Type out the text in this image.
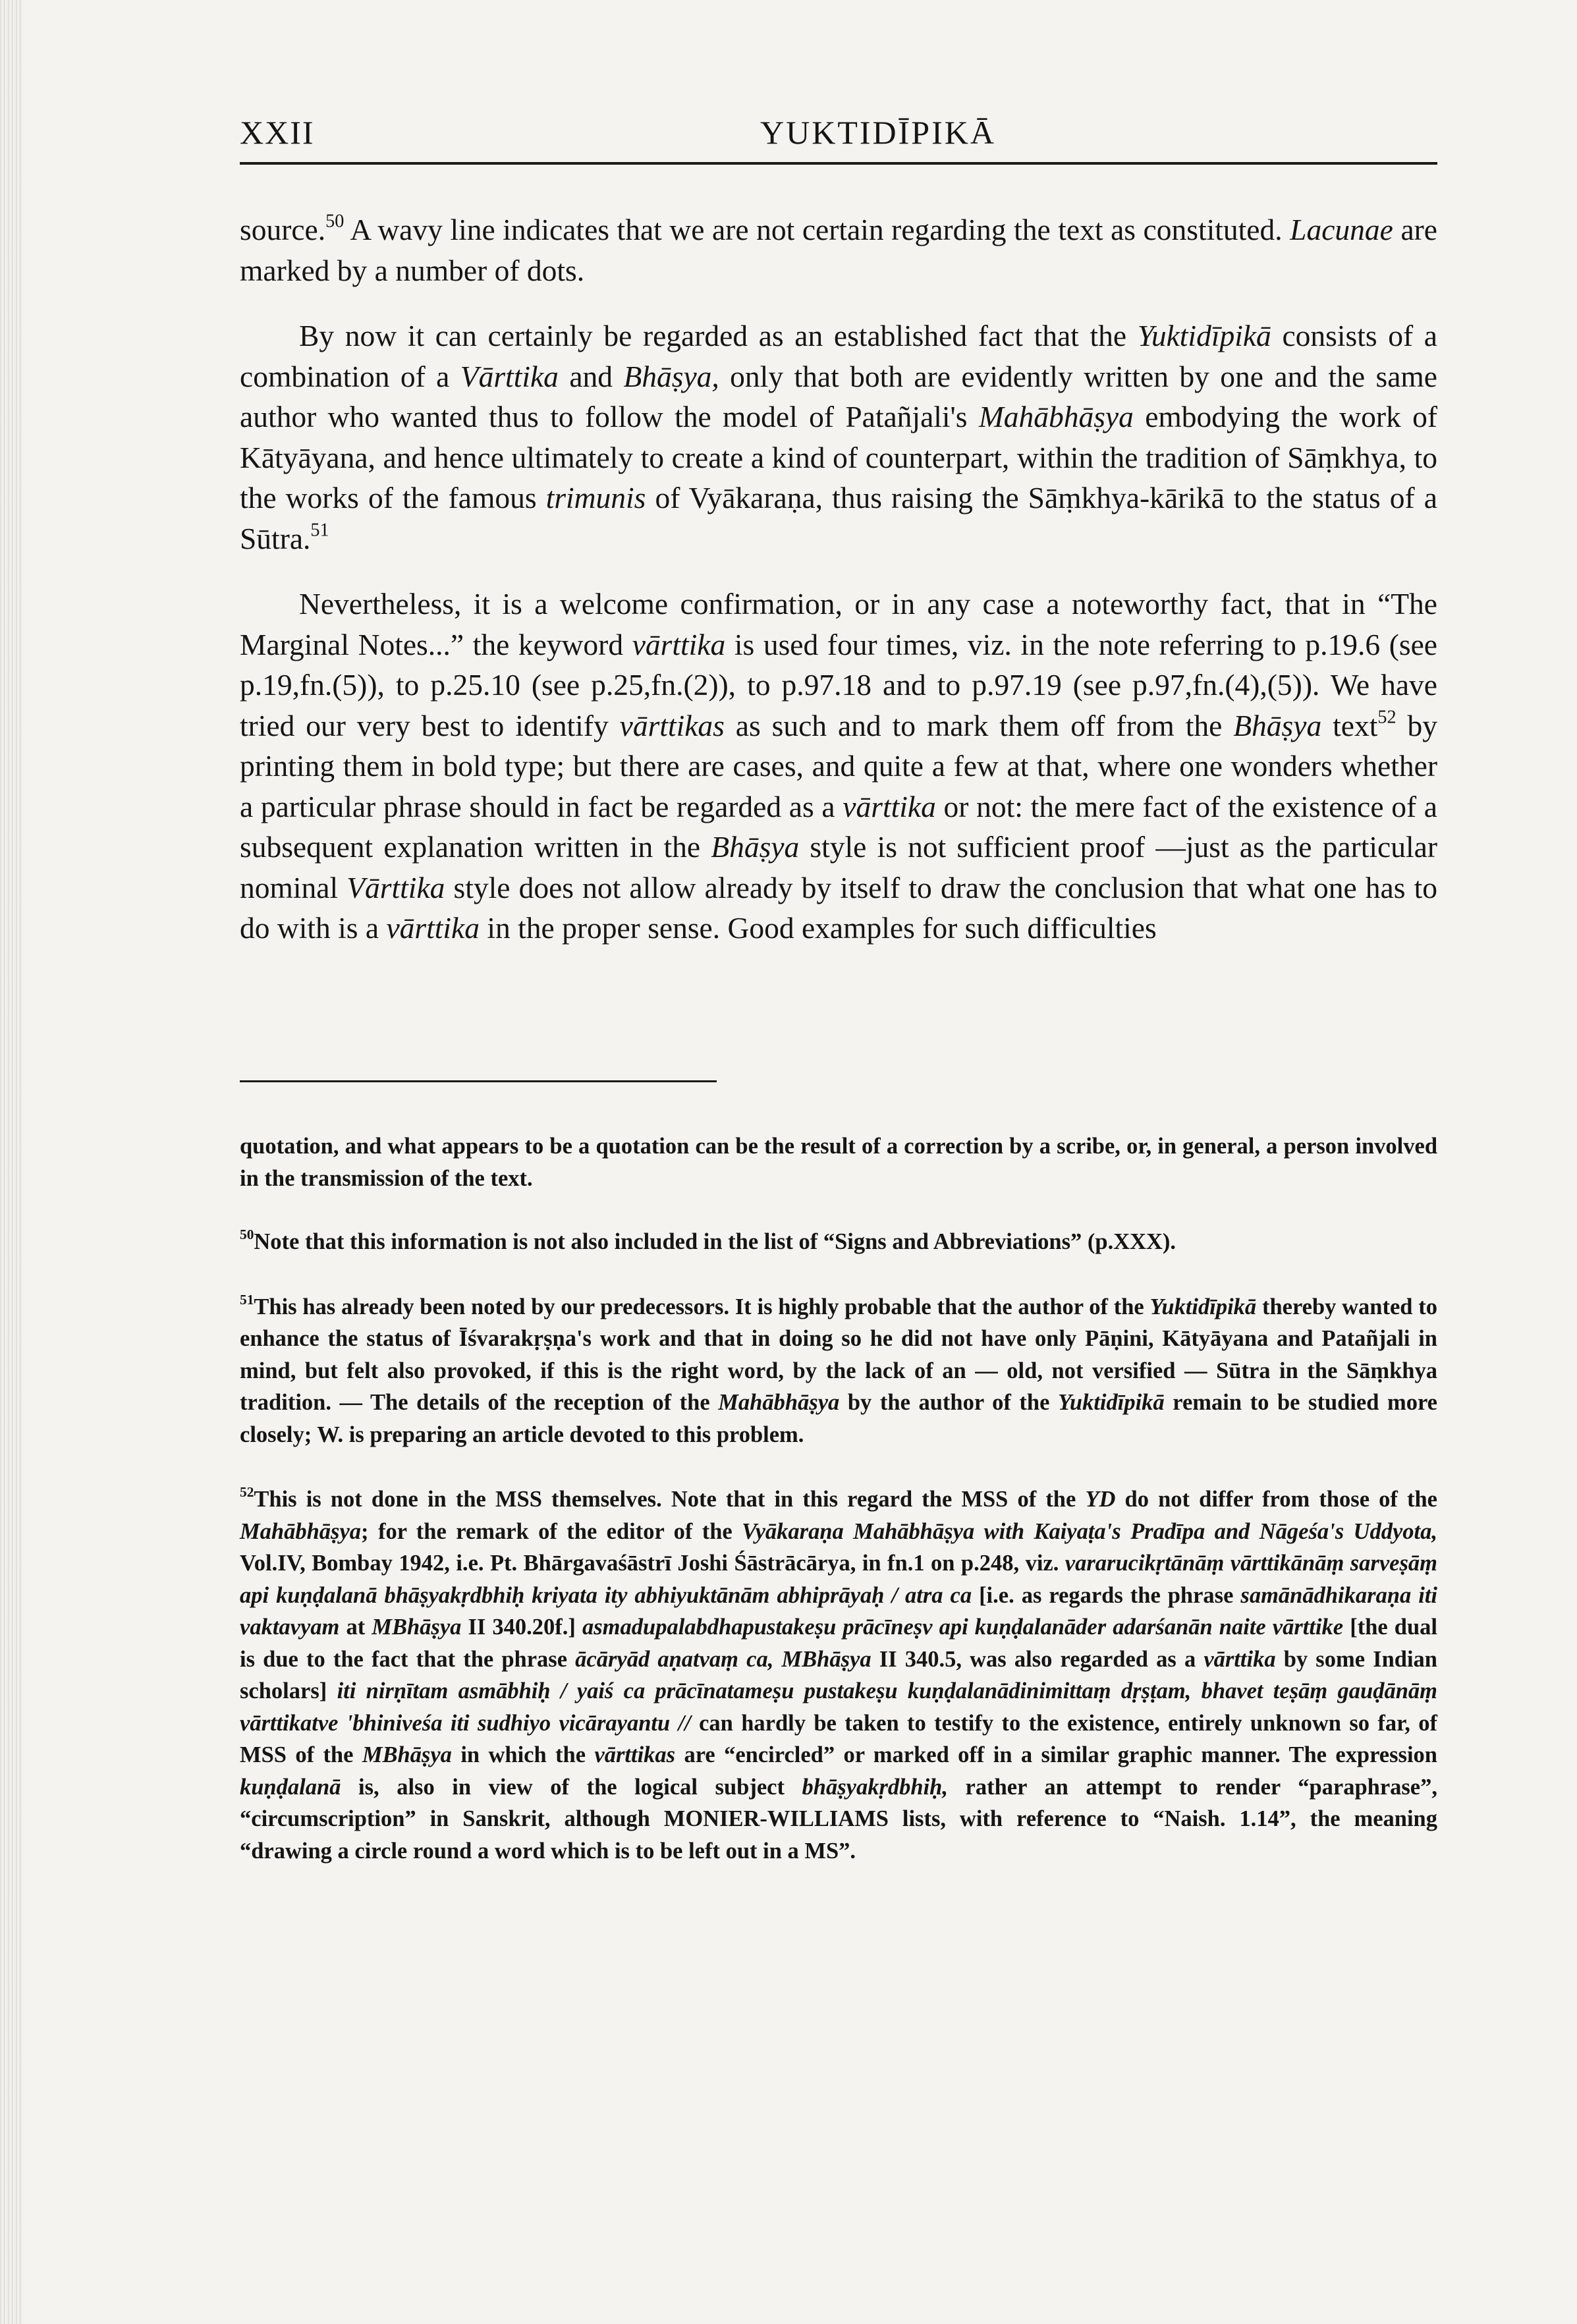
XXII	YUKTIDĪPIKĀ

source.$^{50}$ A wavy line indicates that we are not certain regarding the text as constituted. Lacunae are marked by a number of dots.

By now it can certainly be regarded as an established fact that the Yuktidīpikā consists of a combination of a Vārttika and Bhāṣya, only that both are evidently written by one and the same author who wanted thus to follow the model of Patañjali's Mahābhāṣya embodying the work of Kātyāyana, and hence ultimately to create a kind of counterpart, within the tradition of Sāṃkhya, to the works of the famous trimunis of Vyākaraṇa, thus raising the Sāṃkhya-kārikā to the status of a Sūtra.$^{51}$

Nevertheless, it is a welcome confirmation, or in any case a noteworthy fact, that in “The Marginal Notes...” the keyword vārttika is used four times, viz. in the note referring to p.19.6 (see p.19,fn.(5)), to p.25.10 (see p.25,fn.(2)), to p.97.18 and to p.97.19 (see p.97,fn.(4),(5)). We have tried our very best to identify vārttikas as such and to mark them off from the Bhāṣya text$^{52}$ by printing them in bold type; but there are cases, and quite a few at that, where one wonders whether a particular phrase should in fact be regarded as a vārttika or not: the mere fact of the existence of a subsequent explanation written in the Bhāṣya style is not sufficient proof —just as the particular nominal Vārttika style does not allow already by itself to draw the conclusion that what one has to do with is a vārttika in the proper sense. Good examples for such difficulties

quotation, and what appears to be a quotation can be the result of a correction by a scribe, or, in general, a person involved in the transmission of the text.

$^{50}$Note that this information is not also included in the list of “Signs and Abbreviations” (p.XXX).

$^{51}$This has already been noted by our predecessors. It is highly probable that the author of the Yuktidīpikā thereby wanted to enhance the status of Īśvarakṛṣṇa's work and that in doing so he did not have only Pāṇini, Kātyāyana and Patañjali in mind, but felt also provoked, if this is the right word, by the lack of an — old, not versified — Sūtra in the Sāṃkhya tradition. — The details of the reception of the Mahābhāṣya by the author of the Yuktidīpikā remain to be studied more closely; W. is preparing an article devoted to this problem.

$^{52}$This is not done in the MSS themselves. Note that in this regard the MSS of the YD do not differ from those of the Mahābhāṣya; for the remark of the editor of the Vyākaraṇa Mahābhāṣya with Kaiyaṭa's Pradīpa and Nāgeśa's Uddyota, Vol.IV, Bombay 1942, i.e. Pt. Bhārgavaśāstrī Joshi Śāstrācārya, in fn.1 on p.248, viz. vararucikṛtānāṃ vārttikānāṃ sarveṣāṃ api kuṇḍalanā bhāṣyakṛdbhiḥ kriyata ity abhiyuktānām abhiprāyaḥ / atra ca [i.e. as regards the phrase samānādhikaraṇa iti vaktavyam at MBhāṣya II 340.20f.] asmadupalabdhapustakeṣu prācīneṣv api kuṇḍalanāder adarśanān naite vārttike [the dual is due to the fact that the phrase ācāryād aṇatvaṃ ca, MBhāṣya II 340.5, was also regarded as a vārttika by some Indian scholars] iti nirṇītam asmābhiḥ / yaiś ca prācīnatameṣu pustakeṣu kuṇḍalanādinimittaṃ dṛṣṭam, bhavet teṣāṃ gauḍānāṃ vārttikatve 'bhiniveśa iti sudhiyo vicārayantu // can hardly be taken to testify to the existence, entirely unknown so far, of MSS of the MBhāṣya in which the vārttikas are “encircled” or marked off in a similar graphic manner. The expression kuṇḍalanā is, also in view of the logical subject bhāṣyakṛdbhiḥ, rather an attempt to render “paraphrase”, “circumscription” in Sanskrit, although MONIER-WILLIAMS lists, with reference to “Naish. 1.14”, the meaning “drawing a circle round a word which is to be left out in a MS”.
